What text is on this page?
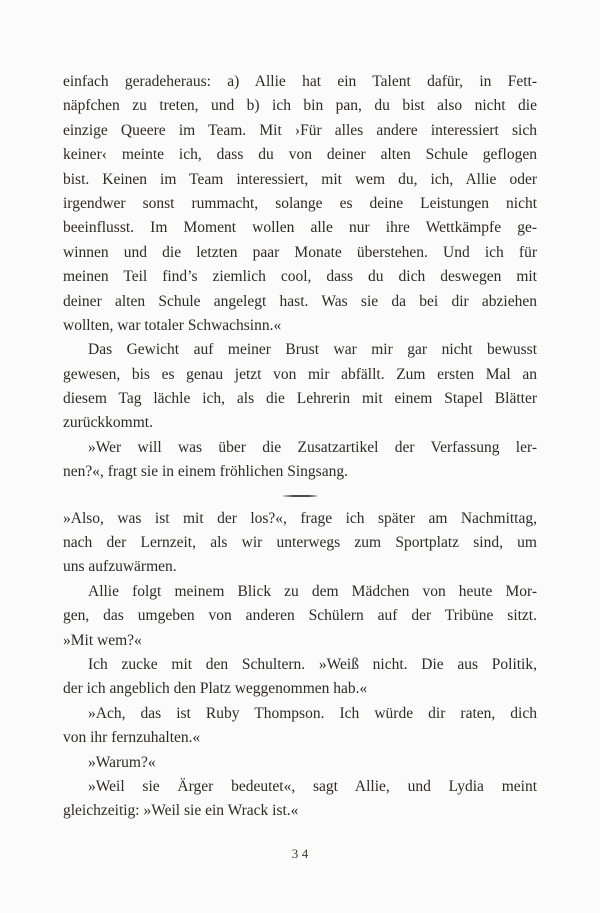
einfach geradeheraus: a) Allie hat ein Talent dafür, in Fett-
näpfchen zu treten, und b) ich bin pan, du bist also nicht die
einzige Queere im Team. Mit ›Für alles andere interessiert sich
keiner‹ meinte ich, dass du von deiner alten Schule geflogen
bist. Keinen im Team interessiert, mit wem du, ich, Allie oder
irgendwer sonst rummacht, solange es deine Leistungen nicht
beeinflusst. Im Moment wollen alle nur ihre Wettkämpfe ge-
winnen und die letzten paar Monate überstehen. Und ich für
meinen Teil find’s ziemlich cool, dass du dich deswegen mit
deiner alten Schule angelegt hast. Was sie da bei dir abziehen
wollten, war totaler Schwachsinn.«
Das Gewicht auf meiner Brust war mir gar nicht bewusst
gewesen, bis es genau jetzt von mir abfällt. Zum ersten Mal an
diesem Tag lächle ich, als die Lehrerin mit einem Stapel Blätter
zurückkommt.
»Wer will was über die Zusatzartikel der Verfassung ler-
nen?«, fragt sie in einem fröhlichen Singsang.
»Also, was ist mit der los?«, frage ich später am Nachmittag,
nach der Lernzeit, als wir unterwegs zum Sportplatz sind, um
uns aufzuwärmen.
Allie folgt meinem Blick zu dem Mädchen von heute Mor-
gen, das umgeben von anderen Schülern auf der Tribüne sitzt.
»Mit wem?«
Ich zucke mit den Schultern. »Weiß nicht. Die aus Politik,
der ich angeblich den Platz weggenommen hab.«
»Ach, das ist Ruby Thompson. Ich würde dir raten, dich
von ihr fernzuhalten.«
»Warum?«
»Weil sie Ärger bedeutet«, sagt Allie, und Lydia meint
gleichzeitig: »Weil sie ein Wrack ist.«
34
